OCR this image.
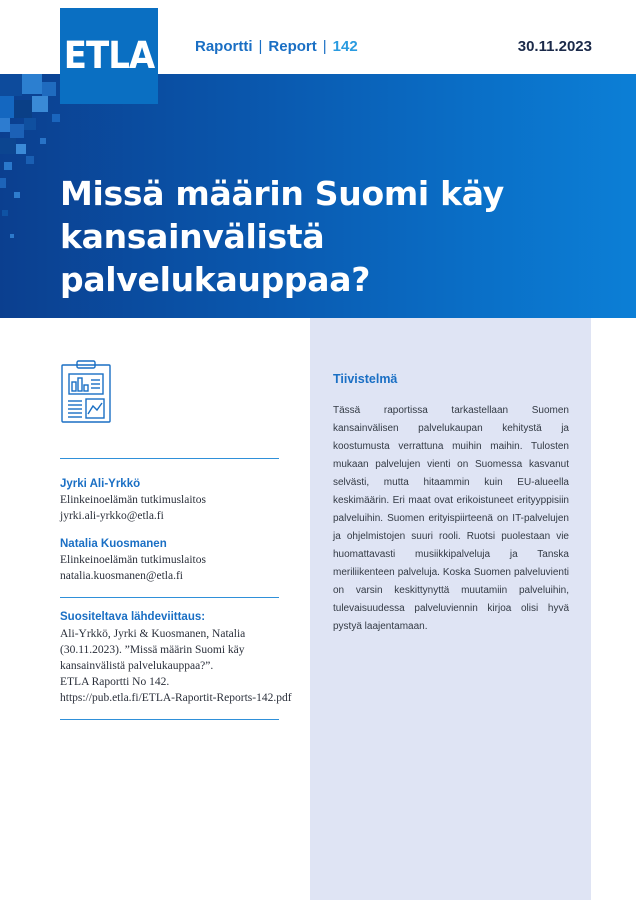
ETLA	Raportti | Report | 142	30.11.2023
Missä määrin Suomi käy
kansainvälistä palvelukauppaa?
Jyrki Ali-Yrkkö
Elinkeinoelämän tutkimuslaitos
jyrki.ali-yrkko@etla.fi
Natalia Kuosmanen
Elinkeinoelämän tutkimuslaitos
natalia.kuosmanen@etla.fi
Suositeltava lähdeviittaus:
Ali-Yrkkö, Jyrki & Kuosmanen, Natalia
(30.11.2023). ”Missä määrin Suomi käy
kansainvälistä palvelukauppaa?”.
ETLA Raportti No 142.
https://pub.etla.fi/ETLA-Raportit-Reports-142.pdf
Tiivistelmä

Tässä raportissa tarkastellaan Suomen kansainvälisen palvelukaupan kehitystä ja koostumusta verrattuna muihin maihin. Tulosten mukaan palvelujen vienti on Suomessa kasvanut selvästi, mutta hitaammin kuin EU-alueella keskimäärin. Eri maat ovat erikoistuneet erityyppisiin palveluihin. Suomen erityispiirteenä on IT-palvelujen ja ohjelmistojen suuri rooli. Ruotsi puolestaan vie huomattavasti musiikkipalveluja ja Tanska meriliikenteen palveluja. Koska Suomen palveluvienti on varsin keskittynyttä muutamiin palveluihin, tulevaisuudessa palveluviennin kirjoa olisi hyvä pystyä laajentamaan.
